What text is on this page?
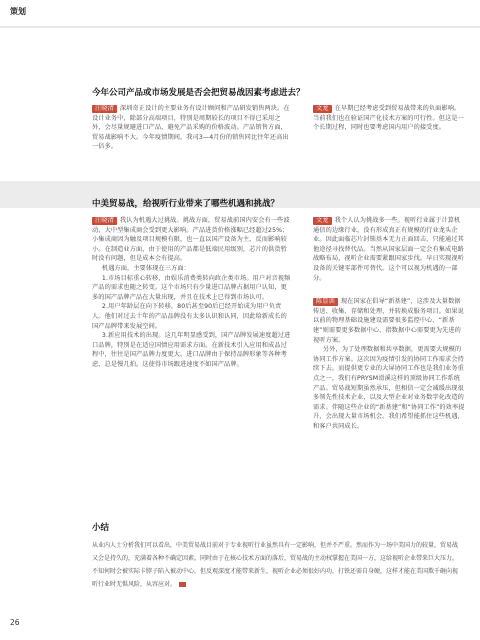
策划
今年公司产品或市场发展是否会把贸易战因素考虑进去？

汪晓清 深圳奇正设计的主要业务有设计顾问和产品研发销售两块。在设计业务中，除部分高端项目，特别是周期较长的项目不得已采用之外，会尽量规避进口产品，避免产品采购的价格波动。产品销售方面，贸易战影响不大。今年疫情期间，我司3—4月份的销售同比往年还高出一倍多。

文龙 在早期已经考虑受到贸易战带来的负面影响。当前我们也在验证国产化技术方案的可行性。但这是一个长期过程，同时也要考虑国内用户的接受度。

中美贸易战，给视听行业带来了哪些机遇和挑战？

汪晓清 我认为机遇大过挑战。挑战方面，贸易战前国内安会有一些波动，大中型集成商会受到更大影响。产品进货价格涨幅已经超过25%；小集成商因为触及项目规模有限，也一直以国产设备为主，反而影响较小。在制造业方面，由于使用的产品都是低端民用级别，芯片的供货暂时没有问题，但是成本会有提高。

机遇方面，主要体现在三方面：

1.市场目标重心转移，由娱乐消费类转向政企类市场。用户对音视频产品的需求也随之转变。这个市场只有少量进口品牌占据用户认知，更多的国产品牌产品在大量出现，并且在技术上已得到市场认可。

2.用户年龄层在向下转移，80后甚至90后已经开始成为用户负责人。他们对过去十年的产品品牌没有太多认识和认同，因此给新成长的国产品牌带来发展空间。

3.新应用技术的出现。这几年明显感受到，国产品牌发展速度超过进口品牌，特别是在适应国情应用需求方面。在新技术引入应用和成品过程中，往往是国产品牌力度更大。进口品牌由于保持品牌形象等各种考虑，总是慢几拍。这使得市场跟进速度不如国产品牌。

文龙 我个人认为挑战多一些。视听行业属于计算机通信的边缘行业，没有形成真正有规模的行业龙头企业。因此面临芯片封锁基本无力正面回击，只能通过其他途径寻找替代品。当然从国家层面一定会有集成电路战略布局，视听企业需要紧跟国家步伐。早日实现视听设备的关键零部件可替代。这个可以视为机遇的一部分。

陈显训 现在国家在倡导“新基建”，这涉及大量数据传送、收集、存储和处理，并转换成服务项目。如果说以前的物理基础设施建设需要很多监控中心、“新基建”则需要更多数据中心、指数据中心需要更为先进的视听方案。

另外，为了处理数据和共享数据，更需要大规模的协同工作方案。这次因为疫情引发的协同工作需求会持续下去。而提供更专业的大屏协同工作也是我们业务重点之一，我们有PRYSM滑溪这样的顶级协同工作系统产品。贸易战短期虽然承压，但相信一定会减缓出现很多领先性技术企业，以及大型企业对业务数字化改造的需求。伴随这些企业的“新基建”和“协同工作”的效率提升，会出现大量市场机会。我们希望能抓住这些机遇，和客户共同成长。

小结
从业内人士分析我们可以看出，中美贸易战目前对于专业视听行业虽然具有一定影响，但并不严重。然而作为一场中美国力的较量，贸易战又会是持久的，充满着各种不确定因素。同时由于在核心技术方面的落后，贸易战的主动权掌握在美国一方，这给视听企业带来巨大压力，不知何时会被实际卡脖子陷入被动中心。但反观深度才能带来新生，视听企业必须很好内功，打铁还需自身硬，这样才能在美国欺千砸向视听行业时无惧风险，从容应对。
26
